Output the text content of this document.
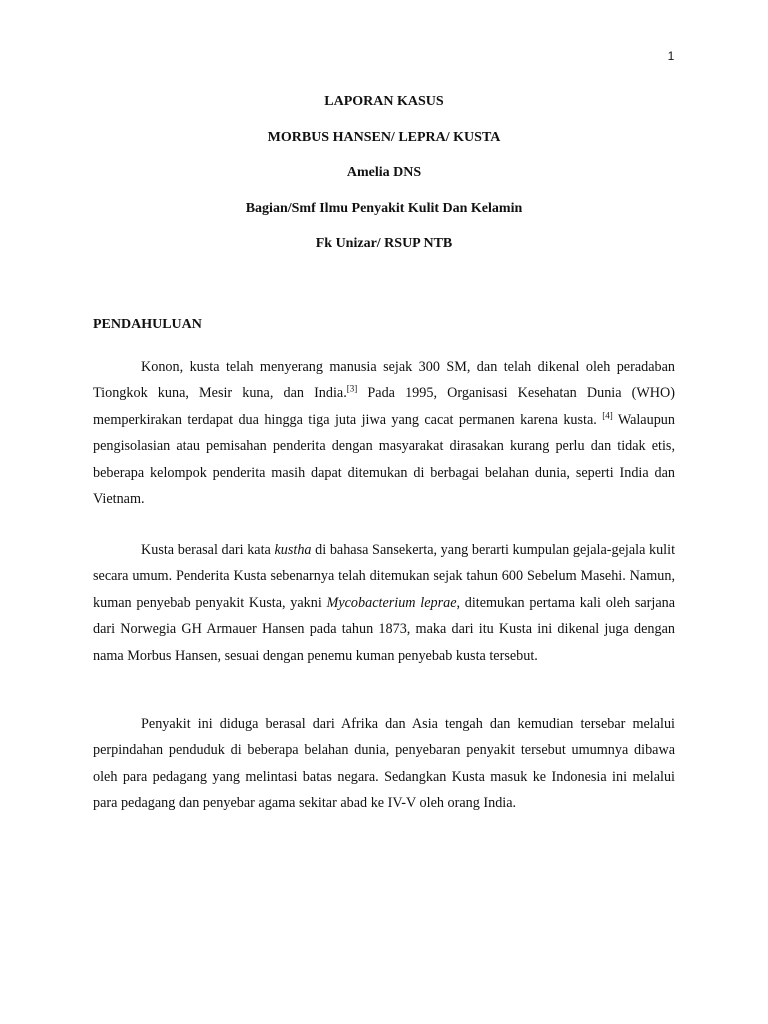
1
LAPORAN KASUS
MORBUS HANSEN/ LEPRA/ KUSTA
Amelia DNS
Bagian/Smf Ilmu Penyakit Kulit Dan Kelamin
Fk Unizar/ RSUP NTB
PENDAHULUAN

Konon, kusta telah menyerang manusia sejak 300 SM, dan telah dikenal oleh peradaban Tiongkok kuna, Mesir kuna, dan India.[3] Pada 1995, Organisasi Kesehatan Dunia (WHO) memperkirakan terdapat dua hingga tiga juta jiwa yang cacat permanen karena kusta. [4] Walaupun pengisolasian atau pemisahan penderita dengan masyarakat dirasakan kurang perlu dan tidak etis, beberapa kelompok penderita masih dapat ditemukan di berbagai belahan dunia, seperti India dan Vietnam.

Kusta berasal dari kata kustha di bahasa Sansekerta, yang berarti kumpulan gejala-gejala kulit secara umum. Penderita Kusta sebenarnya telah ditemukan sejak tahun 600 Sebelum Masehi. Namun, kuman penyebab penyakit Kusta, yakni Mycobacterium leprae, ditemukan pertama kali oleh sarjana dari Norwegia GH Armauer Hansen pada tahun 1873, maka dari itu Kusta ini dikenal juga dengan nama Morbus Hansen, sesuai dengan penemu kuman penyebab kusta tersebut.

Penyakit ini diduga berasal dari Afrika dan Asia tengah dan kemudian tersebar melalui perpindahan penduduk di beberapa belahan dunia, penyebaran penyakit tersebut umumnya dibawa oleh para pedagang yang melintasi batas negara. Sedangkan Kusta masuk ke Indonesia ini melalui para pedagang dan penyebar agama sekitar abad ke IV-V oleh orang India.
